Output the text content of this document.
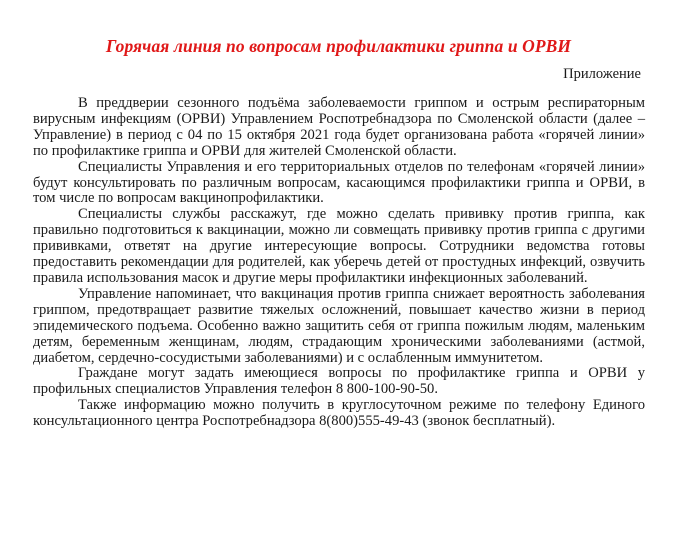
Горячая линия по вопросам профилактики гриппа и ОРВИ
Приложение

В преддверии сезонного подъёма заболеваемости гриппом и острым респираторным вирусным инфекциям (ОРВИ) Управлением Роспотребнадзора по Смоленской области (далее – Управление) в период с 04 по 15 октября 2021 года будет организована работа «горячей линии» по профилактике гриппа и ОРВИ для жителей Смоленской области.

Специалисты Управления и его территориальных отделов по телефонам «горячей линии» будут консультировать по различным вопросам, касающимся профилактики гриппа и ОРВИ, в том числе по вопросам вакцинопрофилактики.

Специалисты службы расскажут, где можно сделать прививку против гриппа, как правильно подготовиться к вакцинации, можно ли совмещать прививку против гриппа с другими прививками, ответят на другие интересующие вопросы. Сотрудники ведомства готовы предоставить рекомендации для родителей, как уберечь детей от простудных инфекций, озвучить правила использования масок и другие меры профилактики инфекционных заболеваний.

Управление напоминает, что вакцинация против гриппа снижает вероятность заболевания гриппом, предотвращает развитие тяжелых осложнений, повышает качество жизни в период эпидемического подъема. Особенно важно защитить себя от гриппа пожилым людям, маленьким детям, беременным женщинам, людям, страдающим хроническими заболеваниями (астмой, диабетом, сердечно-сосудистыми заболеваниями) и с ослабленным иммунитетом.

Граждане могут задать имеющиеся вопросы по профилактике гриппа и ОРВИ у профильных специалистов Управления телефон 8 800-100-90-50.

Также информацию можно получить в круглосуточном режиме по телефону Единого консультационного центра Роспотребнадзора 8(800)555-49-43 (звонок бесплатный).
